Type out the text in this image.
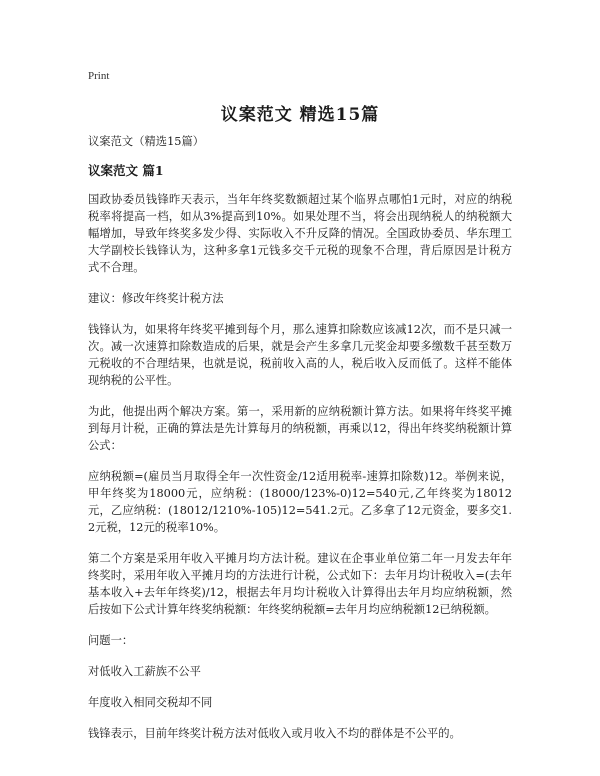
Print
议案范文 精选15篇

议案范文（精选15篇）

议案范文 篇1

国政协委员钱锋昨天表示，当年年终奖数额超过某个临界点哪怕1元时，对应的纳税税率将提高一档，如从3%提高到10%。如果处理不当，将会出现纳税人的纳税额大幅增加，导致年终奖多发少得、实际收入不升反降的情况。全国政协委员、华东理工大学副校长钱锋认为，这种多拿1元钱多交千元税的现象不合理，背后原因是计税方式不合理。

建议：修改年终奖计税方法

钱锋认为，如果将年终奖平摊到每个月，那么速算扣除数应该减12次，而不是只减一次。减一次速算扣除数造成的后果，就是会产生多拿几元奖金却要多缴数千甚至数万元税收的不合理结果，也就是说，税前收入高的人，税后收入反而低了。这样不能体现纳税的公平性。

为此，他提出两个解决方案。第一，采用新的应纳税额计算方法。如果将年终奖平摊到每月计税，正确的算法是先计算每月的纳税额，再乘以12，得出年终奖纳税额计算公式：

应纳税额=(雇员当月取得全年一次性资金/12适用税率-速算扣除数)12。举例来说，甲年终奖为18000元，应纳税：(18000/123%-0)12=540元,乙年终奖为18012元，乙应纳税：(18012/1210%-105)12=541.2元。乙多拿了12元资金，要多交1.2元税，12元的税率10%。

第二个方案是采用年收入平摊月均方法计税。建议在企事业单位第二年一月发去年年终奖时，采用年收入平摊月均的方法进行计税，公式如下：去年月均计税收入=(去年基本收入+去年年终奖)/12，根据去年月均计税收入计算得出去年月均应纳税额，然后按如下公式计算年终奖纳税额：年终奖纳税额=去年月均应纳税额12已纳税额。

问题一：

对低收入工薪族不公平

年度收入相同交税却不同

钱锋表示，目前年终奖计税方法对低收入或月收入不均的群体是不公平的。
